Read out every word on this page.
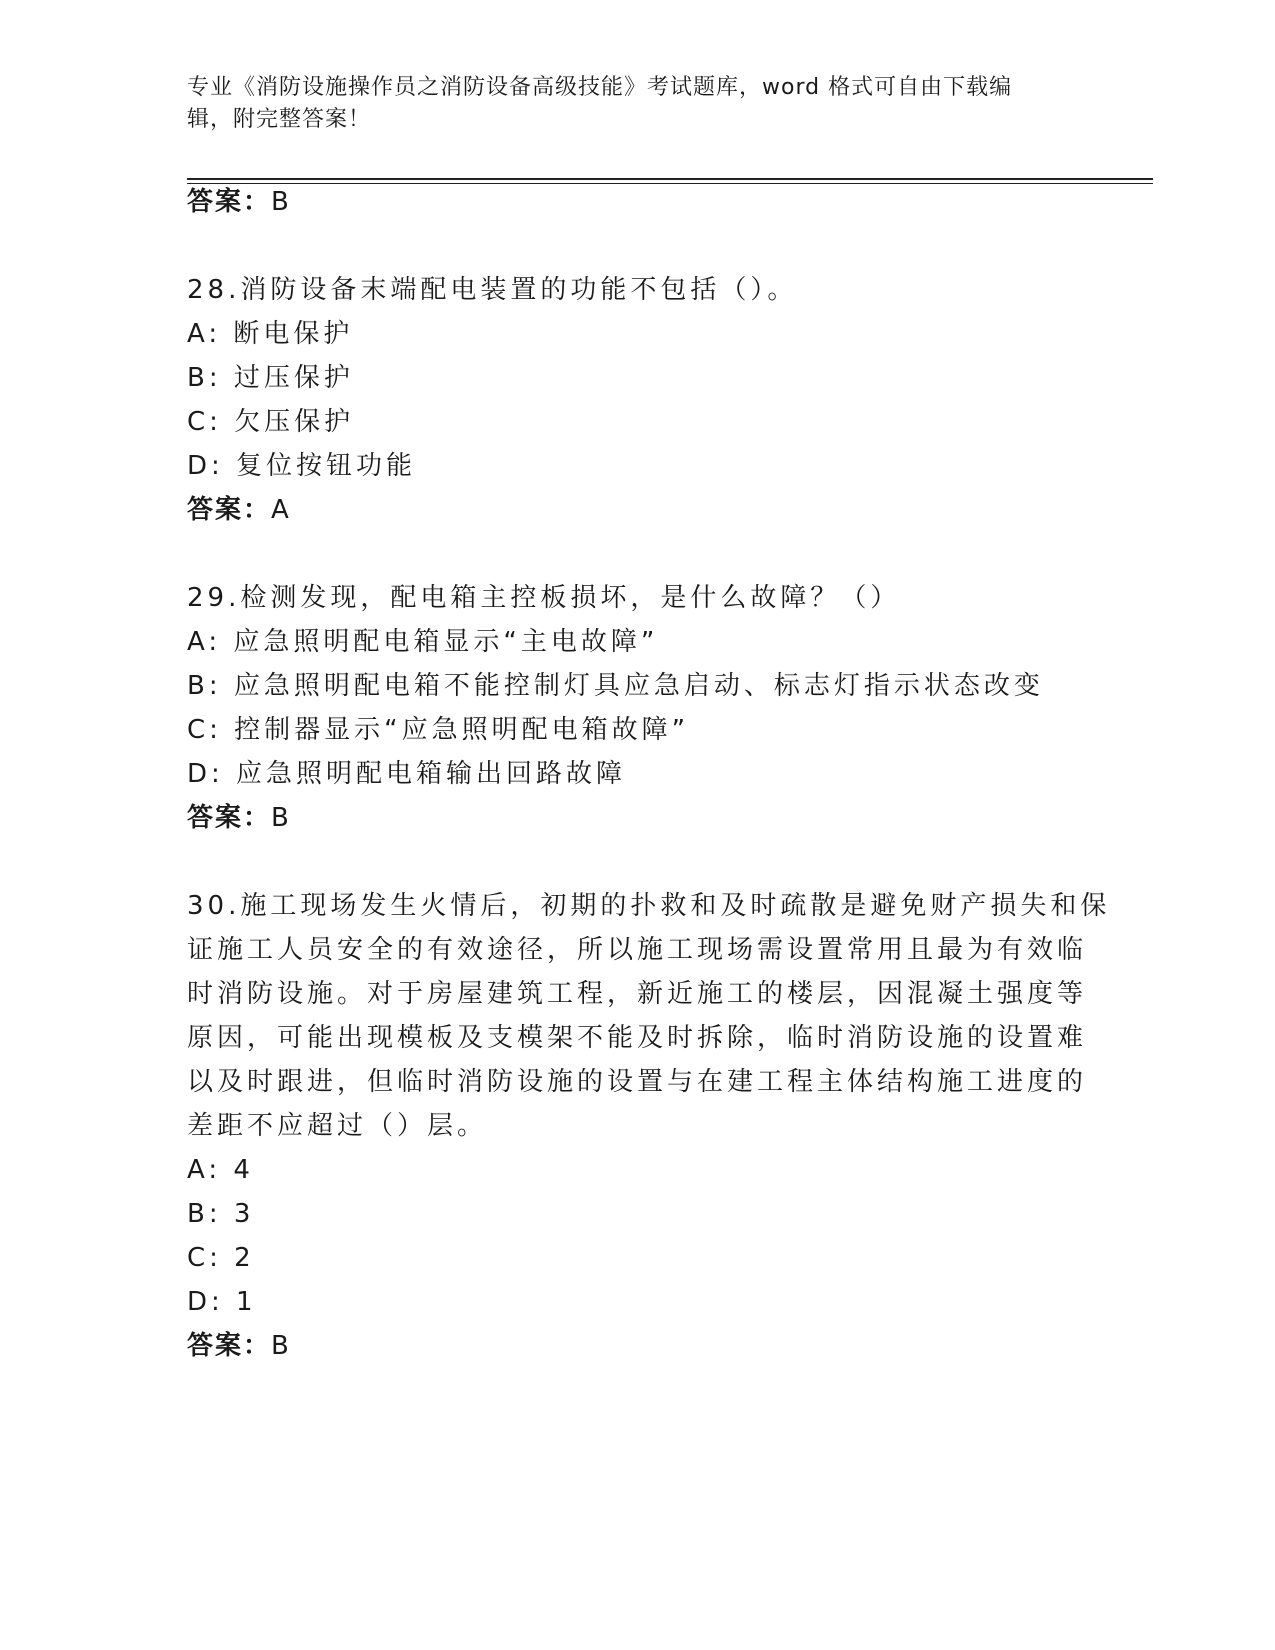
专业《消防设施操作员之消防设备高级技能》考试题库，word 格式可自由下载编
辑，附完整答案！
答案：B
28.消防设备末端配电装置的功能不包括（）。
A: 断电保护
B: 过压保护
C: 欠压保护
D: 复位按钮功能
答案：A
29.检测发现，配电箱主控板损坏，是什么故障？（）
A: 应急照明配电箱显示“主电故障”
B: 应急照明配电箱不能控制灯具应急启动、标志灯指示状态改变
C: 控制器显示“应急照明配电箱故障”
D: 应急照明配电箱输出回路故障
答案：B
30.施工现场发生火情后，初期的扑救和及时疏散是避免财产损失和保
证施工人员安全的有效途径，所以施工现场需设置常用且最为有效临
时消防设施。对于房屋建筑工程，新近施工的楼层，因混凝土强度等
原因，可能出现模板及支模架不能及时拆除，临时消防设施的设置难
以及时跟进，但临时消防设施的设置与在建工程主体结构施工进度的
差距不应超过（）层。
A: 4
B: 3
C: 2
D: 1
答案：B
